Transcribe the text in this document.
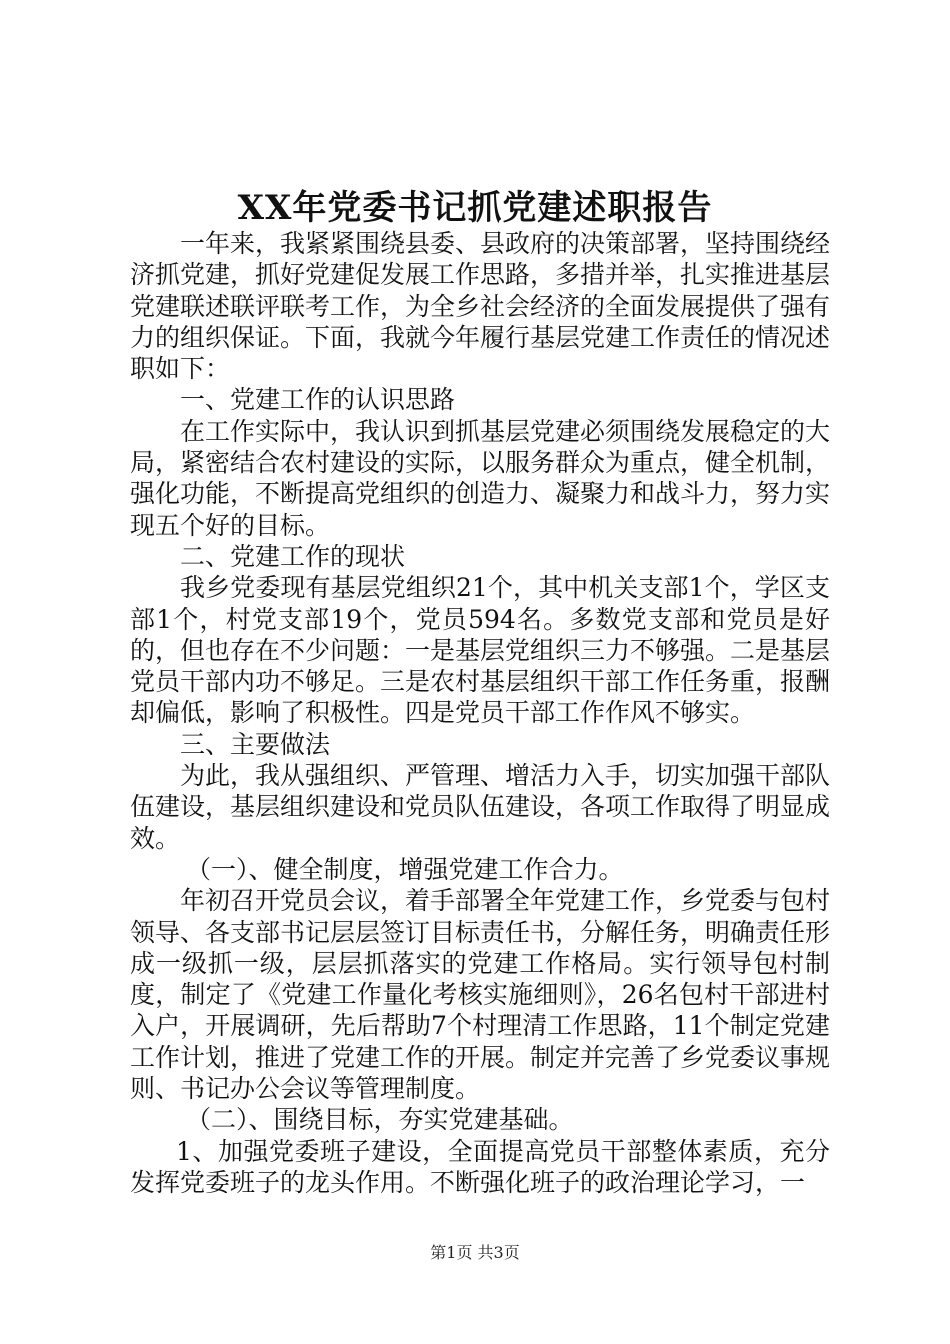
XX年党委书记抓党建述职报告

一年来，我紧紧围绕县委、县政府的决策部署，坚持围绕经济抓党建，抓好党建促发展工作思路，多措并举，扎实推进基层党建联述联评联考工作，为全乡社会经济的全面发展提供了强有力的组织保证。下面，我就今年履行基层党建工作责任的情况述职如下：

一、党建工作的认识思路

在工作实际中，我认识到抓基层党建必须围绕发展稳定的大局，紧密结合农村建设的实际，以服务群众为重点，健全机制，强化功能，不断提高党组织的创造力、凝聚力和战斗力，努力实现五个好的目标。

二、党建工作的现状

我乡党委现有基层党组织21个，其中机关支部1个，学区支部1个，村党支部19个，党员594名。多数党支部和党员是好的，但也存在不少问题：一是基层党组织三力不够强。二是基层党员干部内功不够足。三是农村基层组织干部工作任务重，报酬却偏低，影响了积极性。四是党员干部工作作风不够实。

三、主要做法

为此，我从强组织、严管理、增活力入手，切实加强干部队伍建设，基层组织建设和党员队伍建设，各项工作取得了明显成效。

（一）、健全制度，增强党建工作合力。

年初召开党员会议，着手部署全年党建工作，乡党委与包村领导、各支部书记层层签订目标责任书，分解任务，明确责任形成一级抓一级，层层抓落实的党建工作格局。实行领导包村制度，制定了《党建工作量化考核实施细则》，26名包村干部进村入户，开展调研，先后帮助7个村理清工作思路，11个制定党建工作计划，推进了党建工作的开展。制定并完善了乡党委议事规则、书记办公会议等管理制度。

（二）、围绕目标，夯实党建基础。

1、加强党委班子建设，全面提高党员干部整体素质，充分发挥党委班子的龙头作用。不断强化班子的政治理论学习，一

第1页 共3页
